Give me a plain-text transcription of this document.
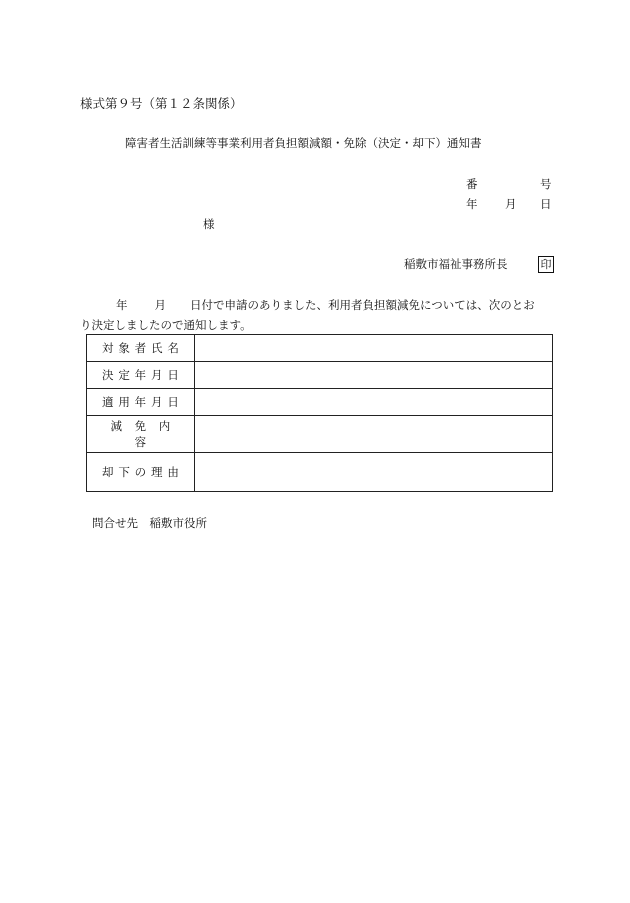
様式第９号（第１２条関係）
障害者生活訓練等事業利用者負担額減額・免除（決定・却下）通知書
番	号
年 月 日
様
稲敷市福祉事務所長	印
年 月 日付で申請のありました、利用者負担額減免については、次のとお
り決定しましたので通知します。
対象者氏名	
決定年月日	
適用年月日	
減免内容	
却下の理由	
問合せ先　稲敷市役所
